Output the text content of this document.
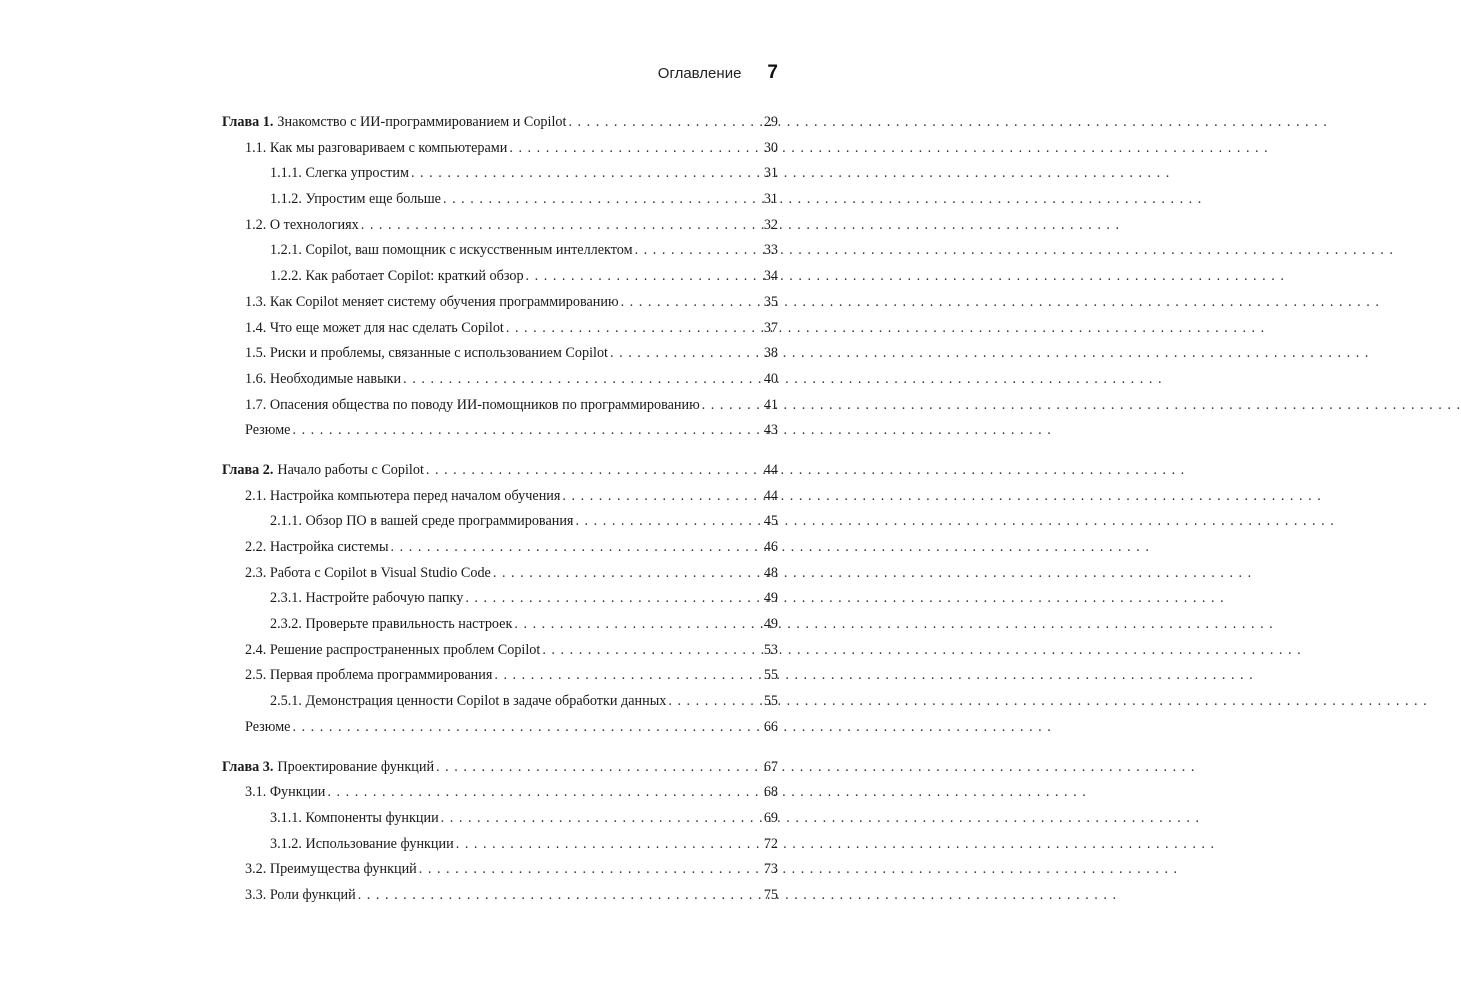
Оглавление 7
Глава 1. Знакомство с ИИ-программированием и Copilot . . .	29
1.1. Как мы разговариваем с компьютерами . . .	30
1.1.1. Слегка упростим . . .	31
1.1.2. Упростим еще больше . . .	31
1.2. О технологиях . . .	32
1.2.1. Copilot, ваш помощник с искусственным интеллектом . . .	33
1.2.2. Как работает Copilot: краткий обзор . . .	34
1.3. Как Copilot меняет систему обучения программированию . . .	35
1.4. Что еще может для нас сделать Copilot . . .	37
1.5. Риски и проблемы, связанные с использованием Copilot . . .	38
1.6. Необходимые навыки . . .	40
1.7. Опасения общества по поводу ИИ-помощников по программированию . . .	41
Резюме . . .	43
Глава 2. Начало работы с Copilot . . .	44
2.1. Настройка компьютера перед началом обучения . . .	44
2.1.1. Обзор ПО в вашей среде программирования . . .	45
2.2. Настройка системы . . .	46
2.3. Работа с Copilot в Visual Studio Code . . .	48
2.3.1. Настройте рабочую папку . . .	49
2.3.2. Проверьте правильность настроек . . .	49
2.4. Решение распространенных проблем Copilot . . .	53
2.5. Первая проблема программирования . . .	55
2.5.1. Демонстрация ценности Copilot в задаче обработки данных . . .	55
Резюме . . .	66
Глава 3. Проектирование функций . . .	67
3.1. Функции . . .	68
3.1.1. Компоненты функции . . .	69
3.1.2. Использование функции . . .	72
3.2. Преимущества функций . . .	73
3.3. Роли функций . . .	75
